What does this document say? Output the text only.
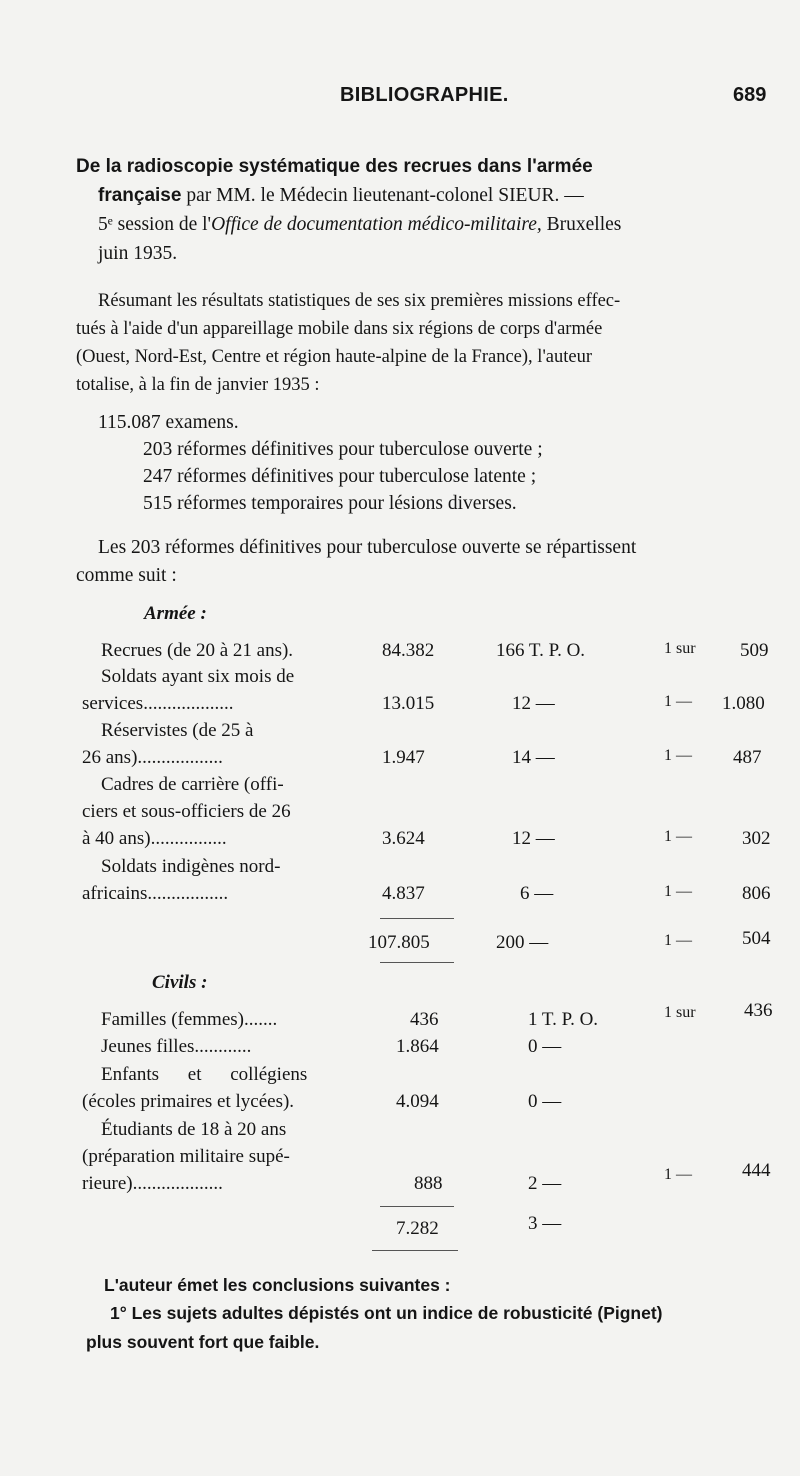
BIBLIOGRAPHIE.	689
De la radioscopie systématique des recrues dans l'armée
française par MM. le Médecin lieutenant-colonel SIEUR. —
5ᵉ session de l'Office de documentation médico-militaire, Bruxelles
juin 1935.
Résumant les résultats statistiques de ses six premières missions effec-
tués à l'aide d'un appareillage mobile dans six régions de corps d'armée
(Ouest, Nord-Est, Centre et région haute-alpine de la France), l'auteur
totalise, à la fin de janvier 1935 :
115.087 examens.
203 réformes définitives pour tuberculose ouverte ;
247 réformes définitives pour tuberculose latente ;
515 réformes temporaires pour lésions diverses.
Les 203 réformes définitives pour tuberculose ouverte se répartissent
comme suit :
Armée :
Recrues (de 20 à 21 ans).	84.382	166 T. P. O.	1 sur 509
Soldats ayant six mois de
services...................	13.015	12 —	1 — 1.080
Réservistes (de 25 à
26 ans)..................	1.947	14 —	1 — 487
Cadres de carrière (offi-
ciers et sous-officiers de 26
à 40 ans)................	3.624	12 —	1 —	302
Soldats indigènes nord-
africains.................	4.837	6 —	1 —	806
107.805	200 —	1 —	504
Civils :
Familles (femmes).......	436	1 T. P. O.	1 sur	436
Jeunes filles............	1.864	0 —
Enfants et collégiens
(écoles primaires et lycées).	4.094	0 —
Étudiants de 18 à 20 ans
(préparation militaire supé-
rieure)...................	888	2 —	1 —	444
7.282	3 —
L'auteur émet les conclusions suivantes :
1° Les sujets adultes dépistés ont un indice de robusticité (Pignet)
plus souvent fort que faible.
